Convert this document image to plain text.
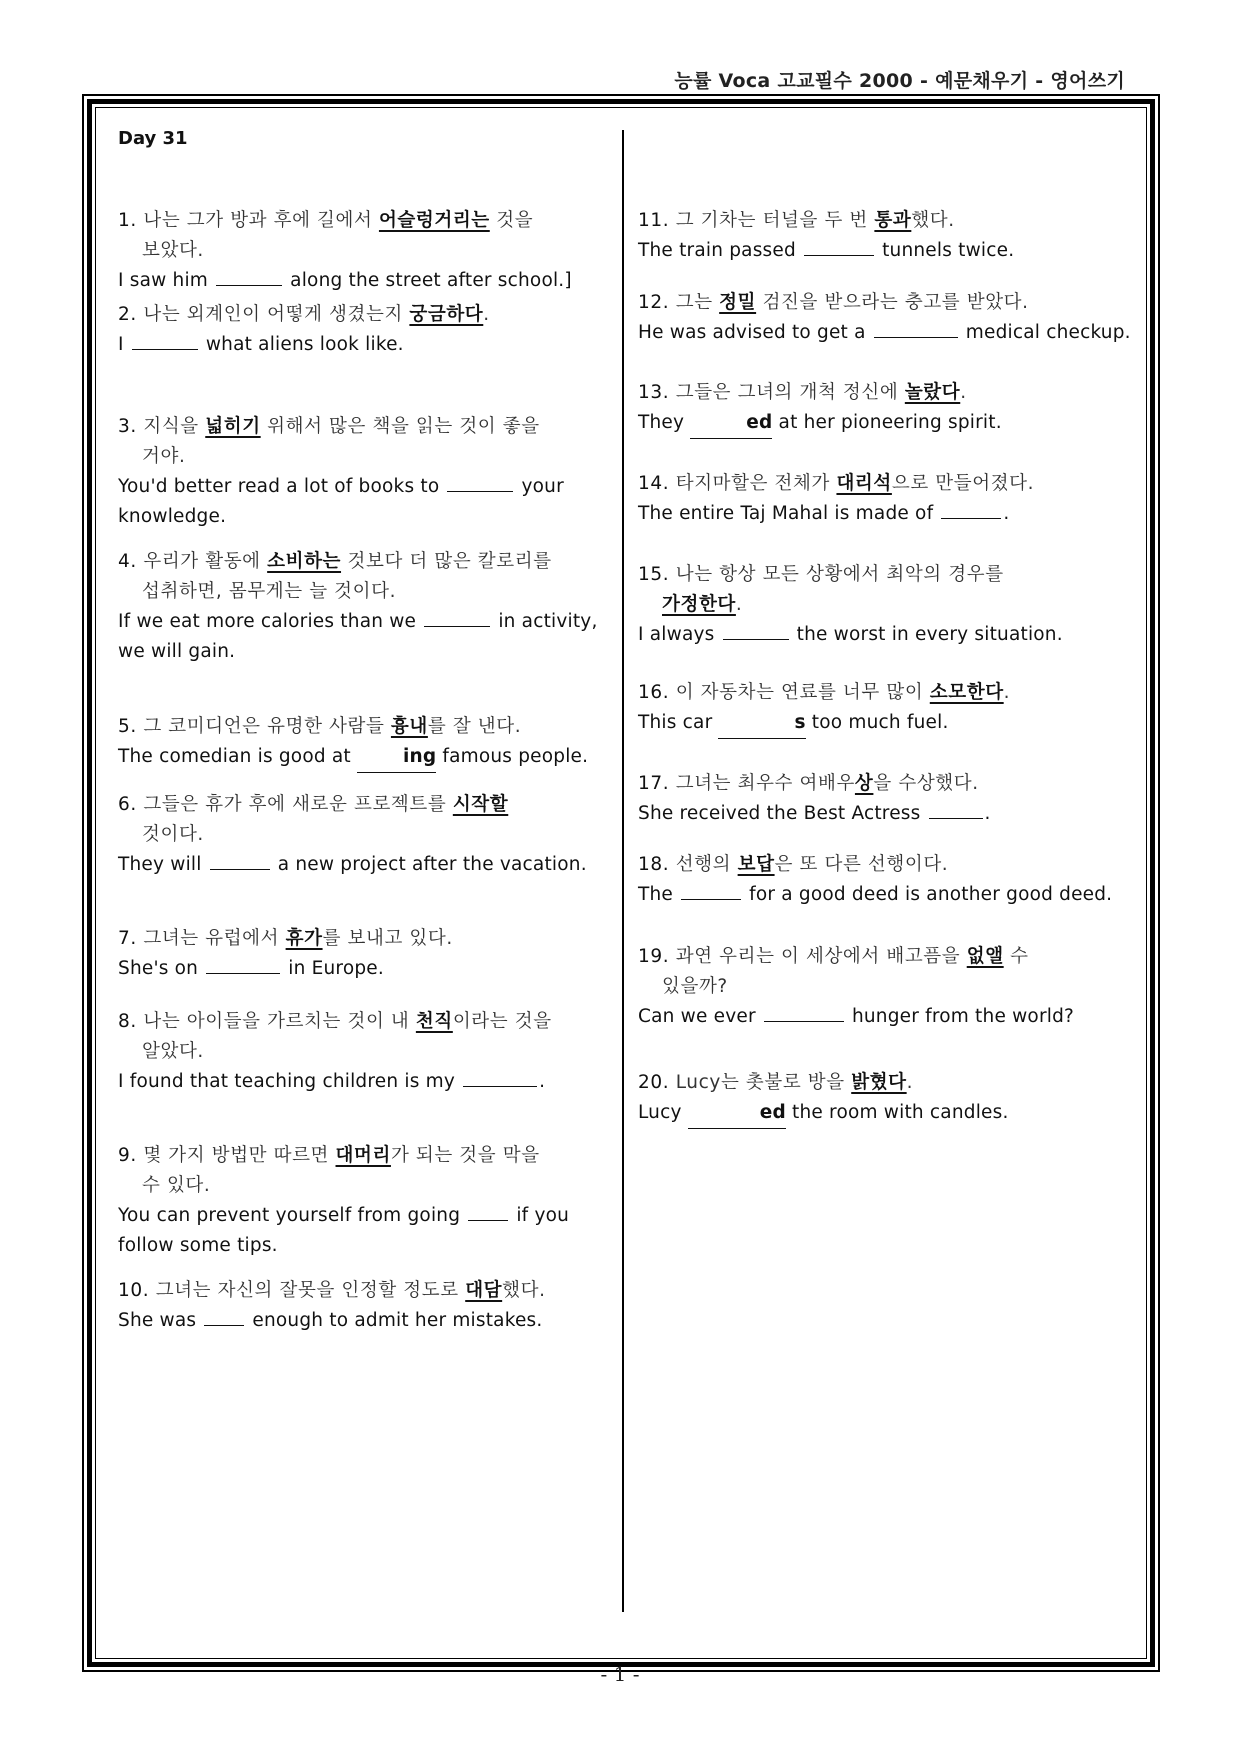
능률 Voca 고교필수 2000 - 예문채우기 - 영어쓰기
Day 31
1. 나는 그가 방과 후에 길에서 어슬렁거리는 것을
보았다.
I saw him	along the street after school.]
2. 나는 외계인이 어떻게 생겼는지 궁금하다.
I	what aliens look like.
3. 지식을 넓히기 위해서 많은 책을 읽는 것이 좋을
거야.
You'd better read a lot of books to	your knowledge.
4. 우리가 활동에 소비하는 것보다 더 많은 칼로리를
섭취하면, 몸무게는 늘 것이다.
If we eat more calories than we	in activity, we will gain.
5. 그 코미디언은 유명한 사람들 흉내를 잘 낸다.
The comedian is good at ing famous people.
6. 그들은 휴가 후에 새로운 프로젝트를 시작할
것이다.
They will	a new project after the vacation.
7. 그녀는 유럽에서 휴가를 보내고 있다.
She's on	in Europe.
8. 나는 아이들을 가르치는 것이 내 천직이라는 것을
알았다.
I found that teaching children is my	.
9. 몇 가지 방법만 따르면 대머리가 되는 것을 막을
수 있다.
You can prevent yourself from going  if you follow some tips.
10. 그녀는 자신의 잘못을 인정할 정도로 대담했다.
She was  enough to admit her mistakes.
11. 그 기차는 터널을 두 번 통과했다.
The train passed	tunnels twice.
12. 그는 정밀 검진을 받으라는 충고를 받았다.
He was advised to get a	medical checkup.
13. 그들은 그녀의 개척 정신에 놀랐다.
They	ed at her pioneering spirit.
14. 타지마할은 전체가 대리석으로 만들어졌다.
The entire Taj Mahal is made of	.
15. 나는 항상 모든 상황에서 최악의 경우를
가정한다.
I always	the worst in every situation.
16. 이 자동차는 연료를 너무 많이 소모한다.
This car	s too much fuel.
17. 그녀는 최우수 여배우상을 수상했다.
She received the Best Actress	.
18. 선행의 보답은 또 다른 선행이다.
The	for a good deed is another good deed.
19. 과연 우리는 이 세상에서 배고픔을 없앨 수
있을까?
Can we ever	hunger from the world?
20. Lucy는 촛불로 방을 밝혔다.
Lucy	ed the room with candles.
- 1 -
